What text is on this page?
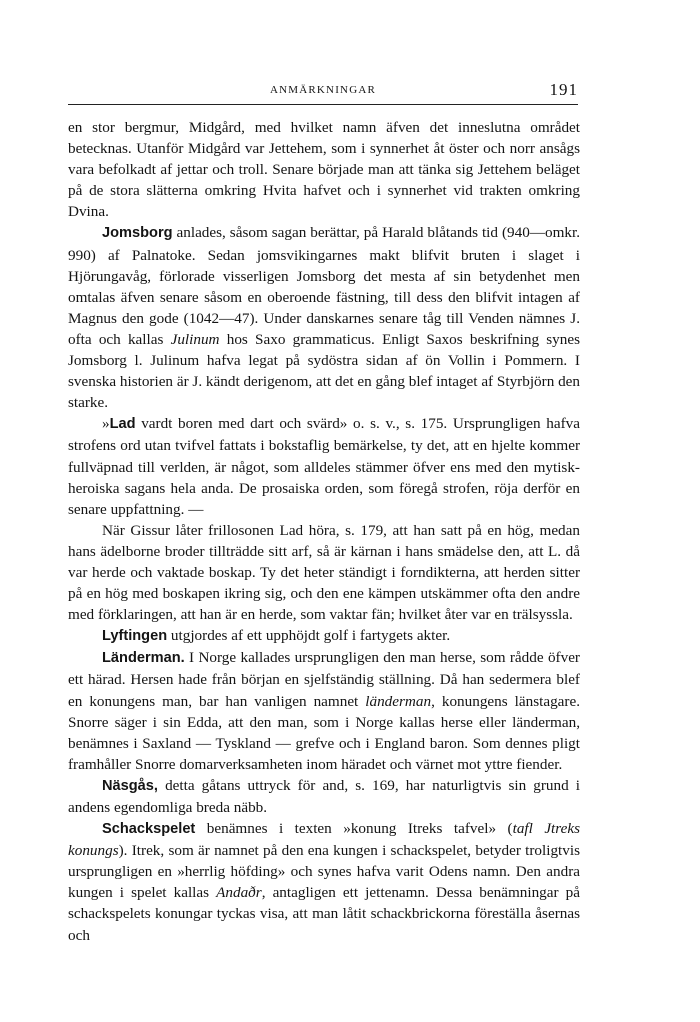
ANMÄRKNINGAR	191

en stor bergmur, Midgård, med hvilket namn äfven det inneslutna området betecknas. Utanför Midgård var Jettehem, som i synnerhet åt öster och norr ansågs vara befolkadt af jettar och troll. Senare började man att tänka sig Jettehem beläget på de stora slätterna omkring Hvita hafvet och i synnerhet vid trakten omkring Dvina.

Jomsborg anlades, såsom sagan berättar, på Harald blåtands tid (940—omkr. 990) af Palnatoke. Sedan jomsvikingarnes makt blifvit bruten i slaget i Hjörungavåg, förlorade visserligen Jomsborg det mesta af sin betydenhet men omtalas äfven senare såsom en oberoende fästning, till dess den blifvit intagen af Magnus den gode (1042—47). Under danskarnes senare tåg till Venden nämnes J. ofta och kallas Julinum hos Saxo grammaticus. Enligt Saxos beskrifning synes Jomsborg l. Julinum hafva legat på sydöstra sidan af ön Vollin i Pommern. I svenska historien är J. kändt derigenom, att det en gång blef intaget af Styrbjörn den starke.

»Lad vardt boren med dart och svärd» o. s. v., s. 175. Ursprungligen hafva strofens ord utan tvifvel fattats i bokstaflig bemärkelse, ty det, att en hjelte kommer fullväpnad till verlden, är något, som alldeles stämmer öfver ens med den mytisk-heroiska sagans hela anda. De prosaiska orden, som föregå strofen, röja derför en senare uppfattning. —

När Gissur låter frillosonen Lad höra, s. 179, att han satt på en hög, medan hans ädelborne broder tillträdde sitt arf, så är kärnan i hans smädelse den, att L. då var herde och vaktade boskap. Ty det heter ständigt i forndikterna, att herden sitter på en hög med boskapen ikring sig, och den ene kämpen utskämmer ofta den andre med förklaringen, att han är en herde, som vaktar fän; hvilket åter var en trälsyssla.

Lyftingen utgjordes af ett upphöjdt golf i fartygets akter.

Länderman. I Norge kallades ursprungligen den man herse, som rådde öfver ett härad. Hersen hade från början en sjelfständig ställning. Då han sedermera blef en konungens man, bar han vanligen namnet länderman, konungens länstagare. Snorre säger i sin Edda, att den man, som i Norge kallas herse eller länderman, benämnes i Saxland — Tyskland — grefve och i England baron. Som dennes pligt framhåller Snorre domarverksamheten inom häradet och värnet mot yttre fiender.

Näsgås, detta gåtans uttryck för and, s. 169, har naturligtvis sin grund i andens egendomliga breda näbb.

Schackspelet benämnes i texten »konung Itreks tafvel» (tafl Jtreks konungs). Itrek, som är namnet på den ena kungen i schackspelet, betyder troligtvis ursprungligen en »herrlig höfding» och synes hafva varit Odens namn. Den andra kungen i spelet kallas Andaðr, antagligen ett jettenamn. Dessa benämningar på schackspelets konungar tyckas visa, att man låtit schackbrickorna föreställa åsernas och
